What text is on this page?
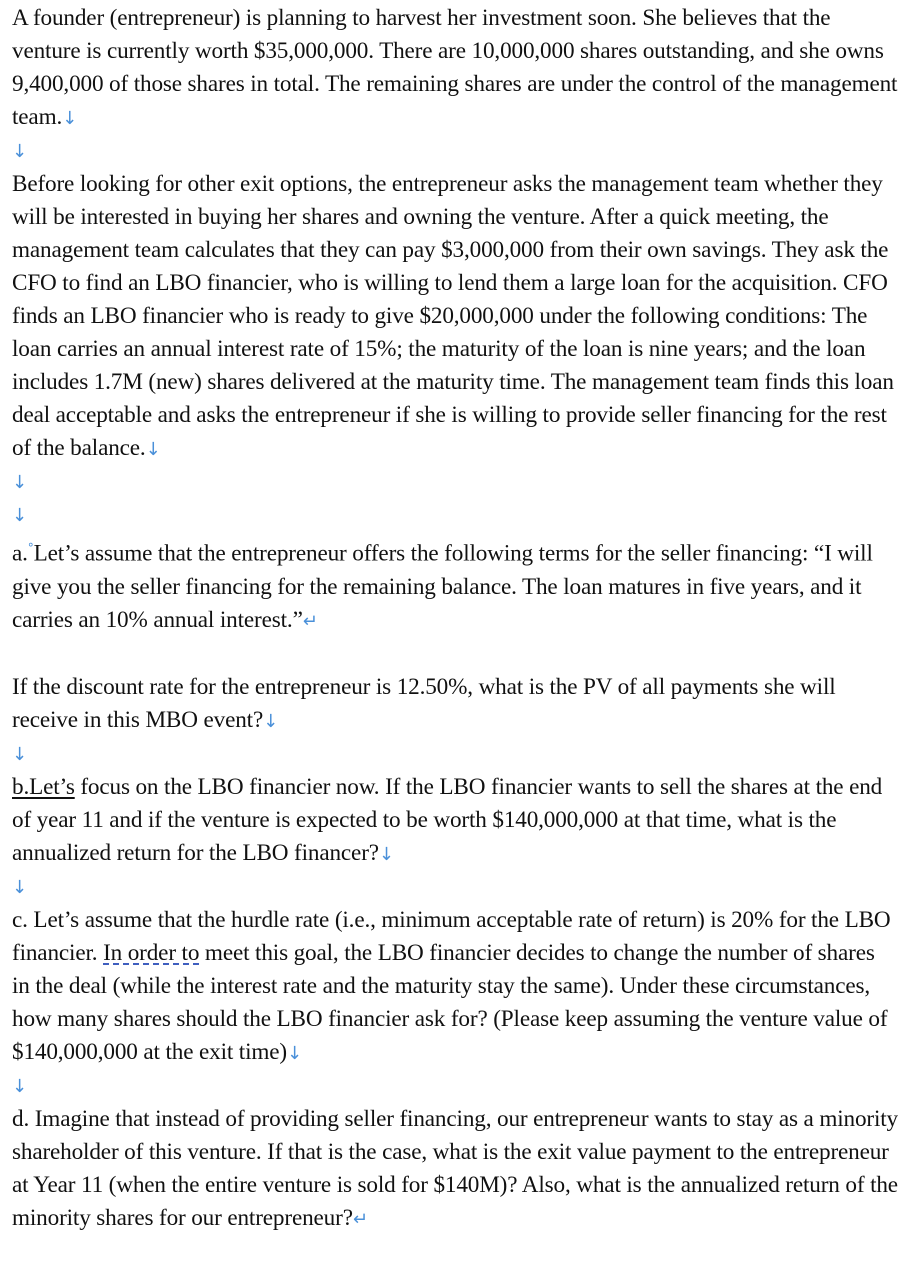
A founder (entrepreneur) is planning to harvest her investment soon. She believes that the venture is currently worth $35,000,000. There are 10,000,000 shares outstanding, and she owns 9,400,000 of those shares in total. The remaining shares are under the control of the management team.↓

↓

Before looking for other exit options, the entrepreneur asks the management team whether they will be interested in buying her shares and owning the venture. After a quick meeting, the management team calculates that they can pay $3,000,000 from their own savings. They ask the CFO to find an LBO financier, who is willing to lend them a large loan for the acquisition. CFO finds an LBO financier who is ready to give $20,000,000 under the following conditions: The loan carries an annual interest rate of 15%; the maturity of the loan is nine years; and the loan includes 1.7M (new) shares delivered at the maturity time. The management team finds this loan deal acceptable and asks the entrepreneur if she is willing to provide seller financing for the rest of the balance.↓

↓

↓

a.°Let’s assume that the entrepreneur offers the following terms for the seller financing: “I will give you the seller financing for the remaining balance. The loan matures in five years, and it carries an 10% annual interest.”↵

If the discount rate for the entrepreneur is 12.50%, what is the PV of all payments she will receive in this MBO event?↓

↓

b.Let’s focus on the LBO financier now. If the LBO financier wants to sell the shares at the end of year 11 and if the venture is expected to be worth $140,000,000 at that time, what is the annualized return for the LBO financer?↓

↓

c. Let’s assume that the hurdle rate (i.e., minimum acceptable rate of return) is 20% for the LBO financier. In order to meet this goal, the LBO financier decides to change the number of shares in the deal (while the interest rate and the maturity stay the same). Under these circumstances, how many shares should the LBO financier ask for? (Please keep assuming the venture value of $140,000,000 at the exit time)↓

↓

d. Imagine that instead of providing seller financing, our entrepreneur wants to stay as a minority shareholder of this venture. If that is the case, what is the exit value payment to the entrepreneur at Year 11 (when the entire venture is sold for $140M)? Also, what is the annualized return of the minority shares for our entrepreneur?↵
